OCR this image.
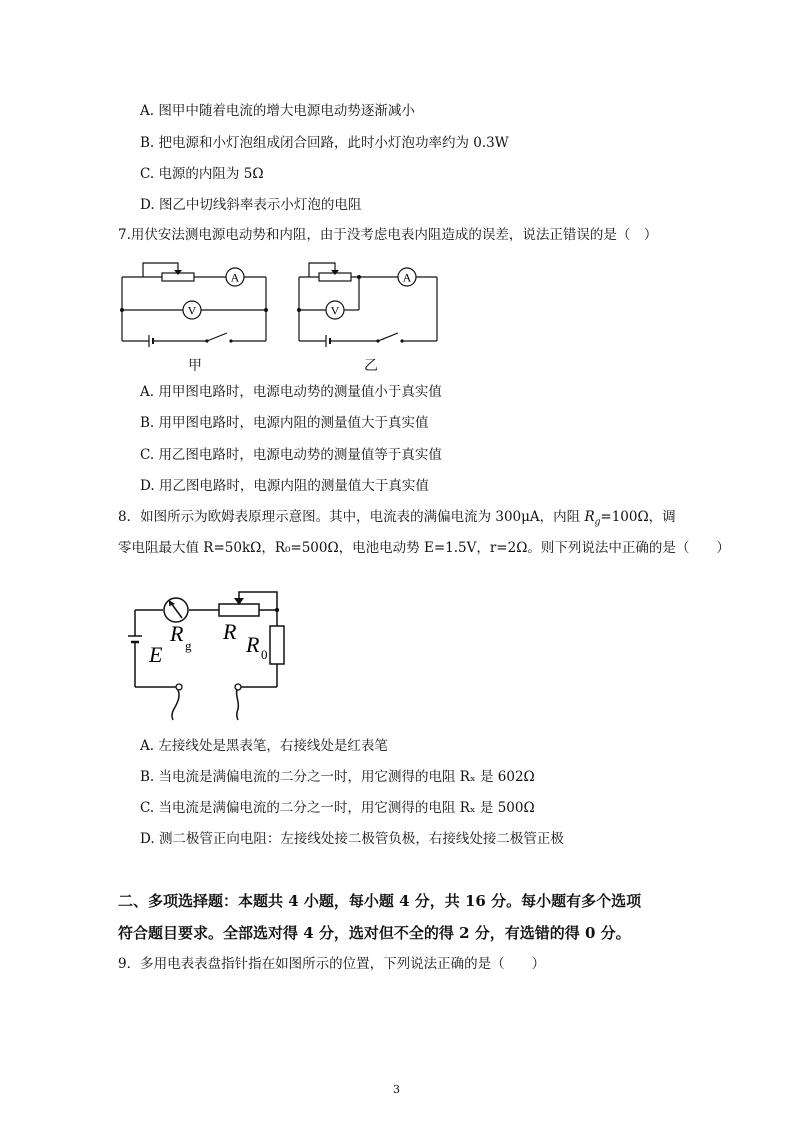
A. 图甲中随着电流的增大电源电动势逐渐减小
B. 把电源和小灯泡组成闭合回路，此时小灯泡功率约为 0.3W
C. 电源的内阻为 5Ω
D. 图乙中切线斜率表示小灯泡的电阻
7.用伏安法测电源电动势和内阻，由于没考虑电表内阻造成的误差，说法正错误的是（　）
A
V
甲
A
V
乙
A. 用甲图电路时，电源电动势的测量值小于真实值
B. 用甲图电路时，电源内阻的测量值大于真实值
C. 用乙图电路时，电源电动势的测量值等于真实值
D. 用乙图电路时，电源内阻的测量值大于真实值
8．如图所示为欧姆表原理示意图。其中，电流表的满偏电流为 300μA，内阻 $R_g=100\Omega$，调
零电阻最大值 R=50kΩ，R₀=500Ω，电池电动势 E=1.5V，r=2Ω。则下列说法中正确的是（　　）
E
R g
R
R 0
A. 左接线处是黑表笔，右接线处是红表笔
B. 当电流是满偏电流的二分之一时，用它测得的电阻 Rₓ 是 602Ω
C. 当电流是满偏电流的二分之一时，用它测得的电阻 Rₓ 是 500Ω
D. 测二极管正向电阻：左接线处接二极管负极，右接线处接二极管正极
二、多项选择题：本题共 4 小题，每小题 4 分，共 16 分。每小题有多个选项
符合题目要求。全部选对得 4 分，选对但不全的得 2 分，有选错的得 0 分。
9．多用电表表盘指针指在如图所示的位置，下列说法正确的是（　　）
3
